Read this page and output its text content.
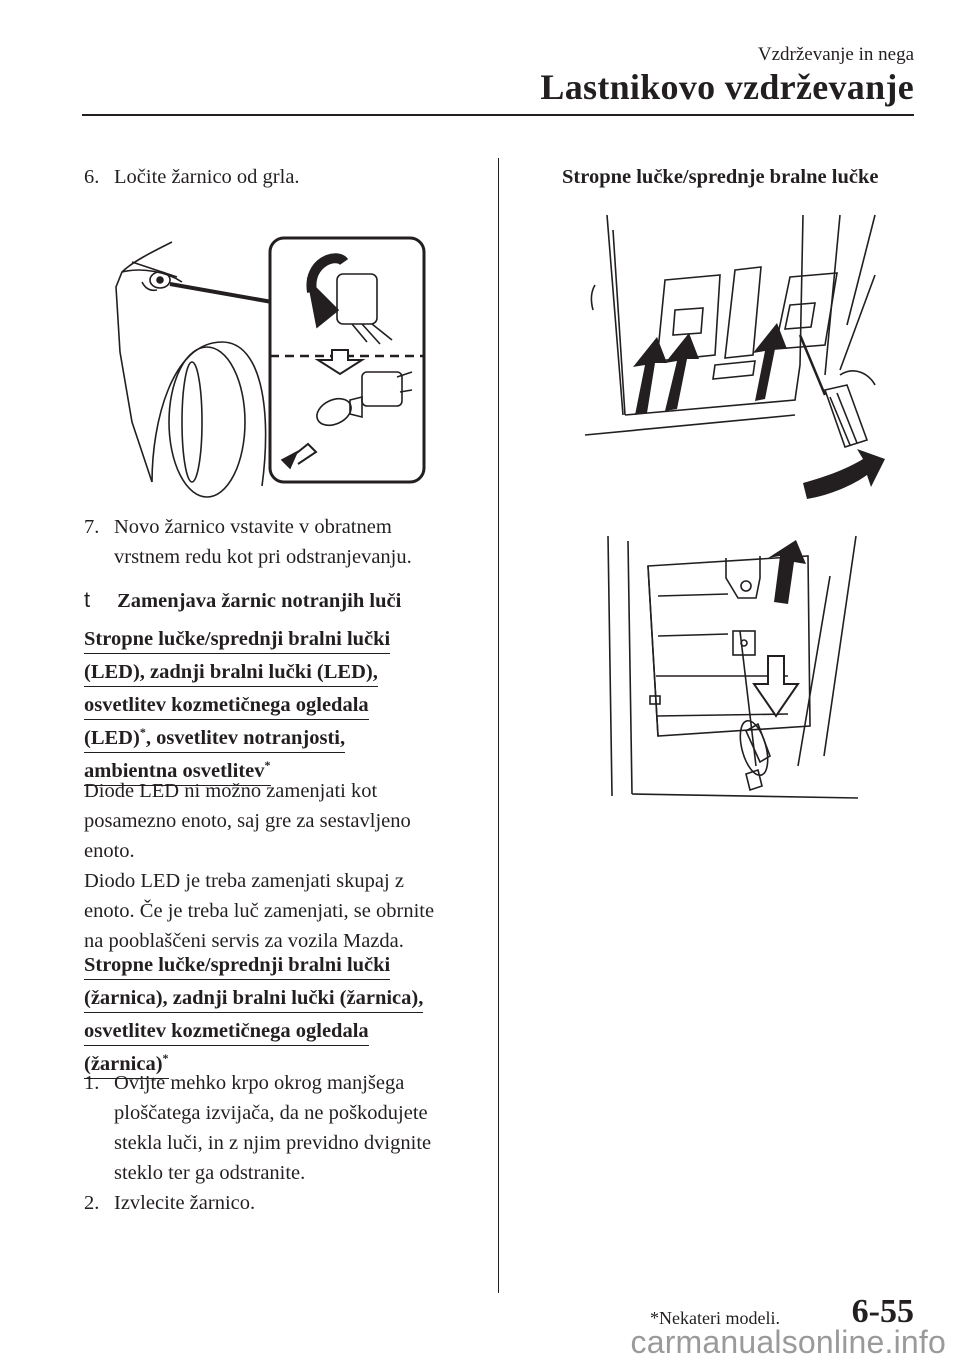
Vzdrževanje in nega
Lastnikovo vzdrževanje
6. Ločite žarnico od grla.
7. Novo žarnico vstavite v obratnem
vrstnem redu kot pri odstranjevanju.
t Zamenjava žarnic notranjih luči
Stropne lučke/sprednji bralni lučki
(LED), zadnji bralni lučki (LED),
osvetlitev kozmetičnega ogledala
(LED)*, osvetlitev notranjosti,
ambientna osvetlitev*
Diode LED ni možno zamenjati kot
posamezno enoto, saj gre za sestavljeno
enoto.
Diodo LED je treba zamenjati skupaj z
enoto. Če je treba luč zamenjati, se obrnite
na pooblaščeni servis za vozila Mazda.
Stropne lučke/sprednji bralni lučki
(žarnica), zadnji bralni lučki (žarnica),
osvetlitev kozmetičnega ogledala
(žarnica)*
1. Ovijte mehko krpo okrog manjšega
ploščatega izvijača, da ne poškodujete
stekla luči, in z njim previdno dvignite
steklo ter ga odstranite.
2. Izvlecite žarnico.
Stropne lučke/sprednje bralne lučke
*Nekateri modeli. 6-55
carmanualsonline.info
